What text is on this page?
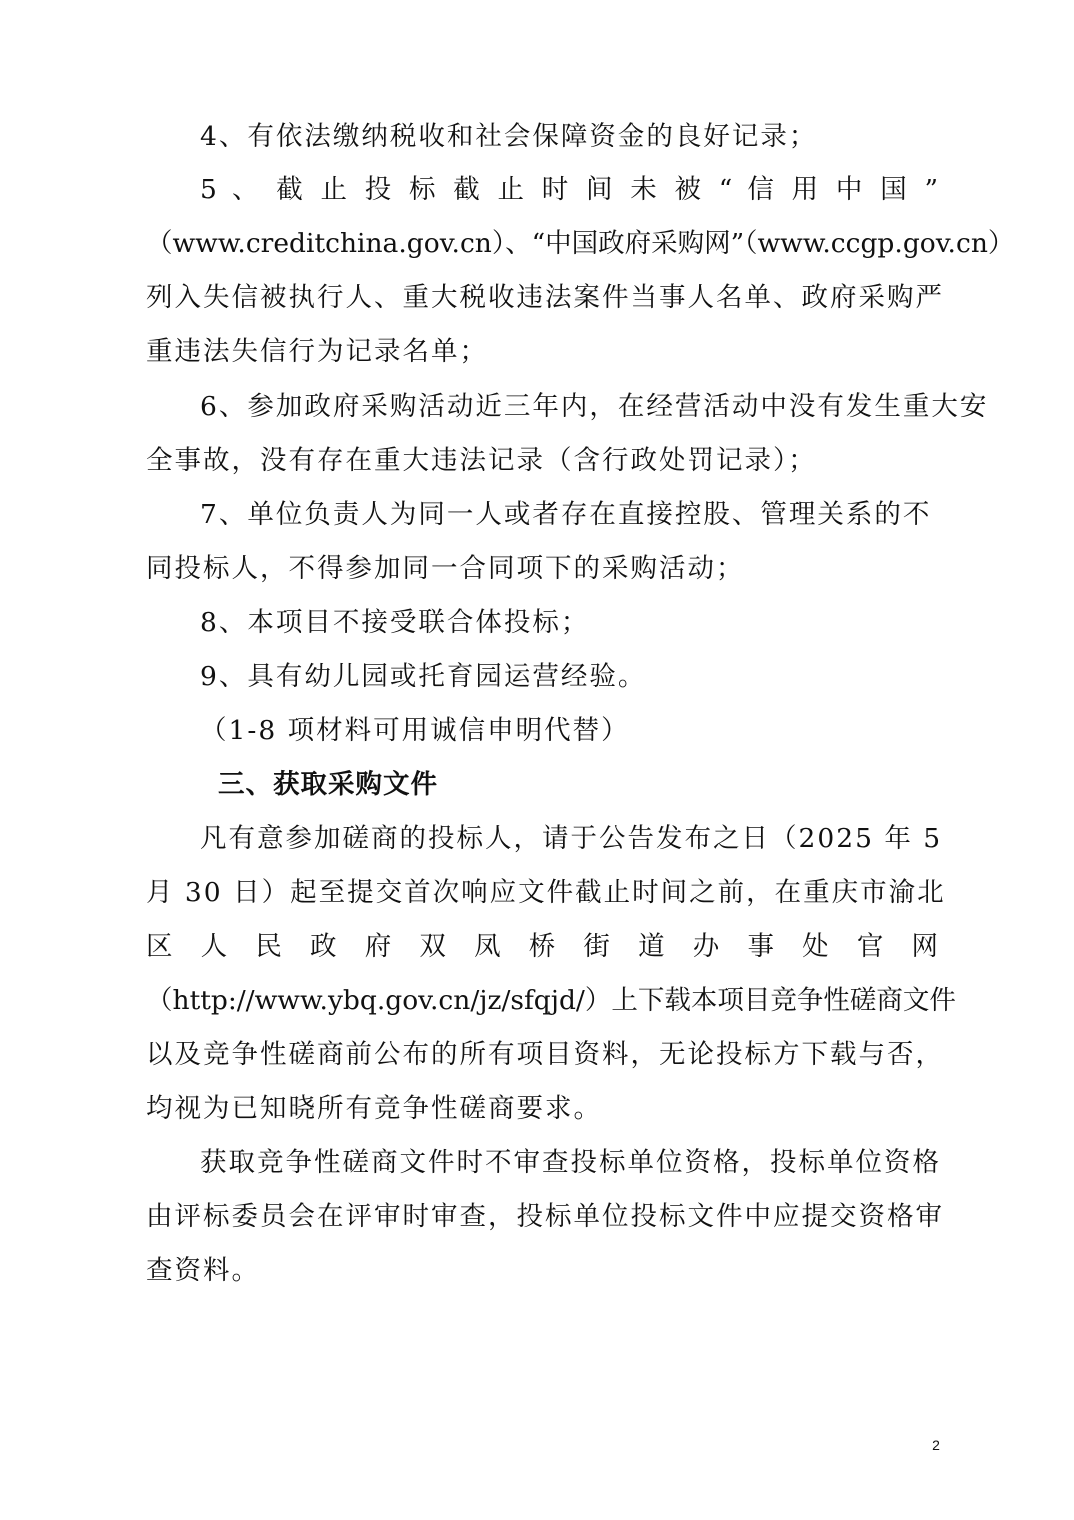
4、有依法缴纳税收和社会保障资金的良好记录；
5 、 截 止 投 标 截 止 时 间 未 被 “ 信 用 中 国 ”
（www.creditchina.gov.cn）、“中国政府采购网”（www.ccgp.gov.cn）
列入失信被执行人、重大税收违法案件当事人名单、政府采购严
重违法失信行为记录名单；
6、参加政府采购活动近三年内，在经营活动中没有发生重大安
全事故，没有存在重大违法记录（含行政处罚记录）；
7、单位负责人为同一人或者存在直接控股、管理关系的不
同投标人，不得参加同一合同项下的采购活动；
8、本项目不接受联合体投标；
9、具有幼儿园或托育园运营经验。
（1-8 项材料可用诚信申明代替）
三、获取采购文件
凡有意参加磋商的投标人，请于公告发布之日（2025 年 5
月 30 日）起至提交首次响应文件截止时间之前，在重庆市渝北
区 人 民 政 府 双 凤 桥 街 道 办 事 处 官 网
（http://www.ybq.gov.cn/jz/sfqjd/）上下载本项目竞争性磋商文件
以及竞争性磋商前公布的所有项目资料，无论投标方下载与否，
均视为已知晓所有竞争性磋商要求。
获取竞争性磋商文件时不审查投标单位资格，投标单位资格
由评标委员会在评审时审查，投标单位投标文件中应提交资格审
查资料。
2
